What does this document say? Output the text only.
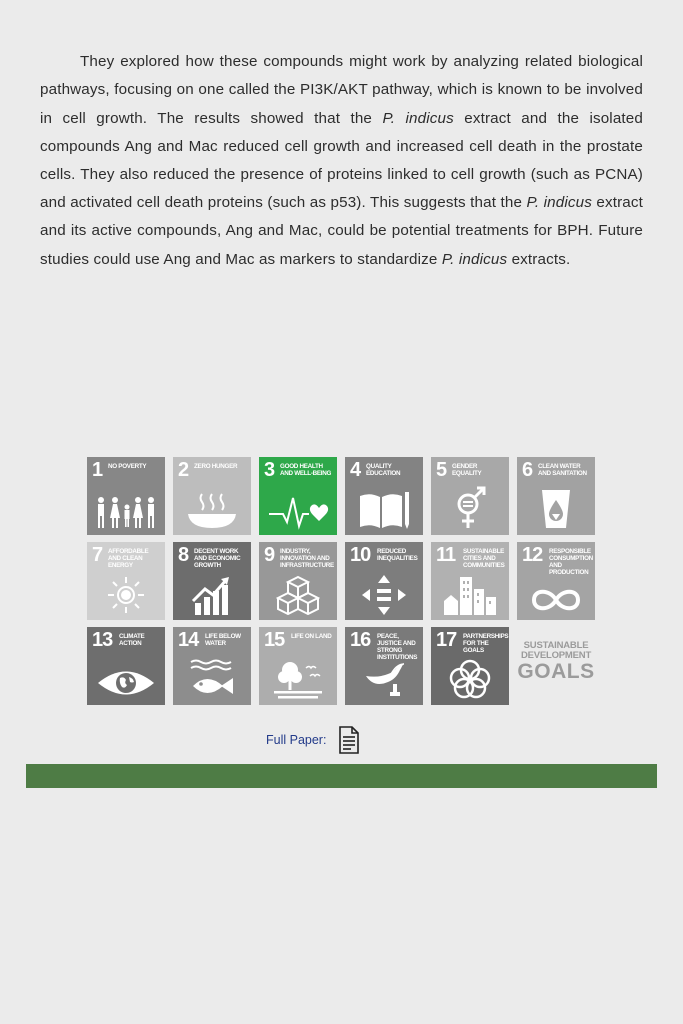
They explored how these compounds might work by analyzing related biological pathways, focusing on one called the PI3K/AKT pathway, which is known to be involved in cell growth. The results showed that the P. indicus extract and the isolated compounds Ang and Mac reduced cell growth and increased cell death in the prostate cells. They also reduced the presence of proteins linked to cell growth (such as PCNA) and activated cell death proteins (such as p53). This suggests that the P. indicus extract and its active compounds, Ang and Mac, could be potential treatments for BPH. Future studies could use Ang and Mac as markers to standardize P. indicus extracts.

1 NO POVERTY	2 ZERO HUNGER	3 GOOD HEALTH AND WELL-BEING 4 QUALITY EDUCATION	5 GENDER EQUALITY	6 CLEAN WATER AND SANITATION
7 AFFORDABLE AND CLEAN ENERGY	8 DECENT WORK AND ECONOMIC GROWTH	9 INDUSTRY, INNOVATION AND INFRASTRUCTURE 10 REDUCED INEQUALITIES 11 SUSTAINABLE CITIES AND COMMUNITIES 12 RESPONSIBLE CONSUMPTION AND PRODUCTION
13 CLIMATE ACTION	14 LIFE BELOW WATER	15 LIFE ON LAND 16 PEACE, JUSTICE AND STRONG INSTITUTIONS
17 PARTNERSHIPS FOR THE GOALS	SUSTAINABLE
DEVELOPMENT
GOALS
Full Paper:
